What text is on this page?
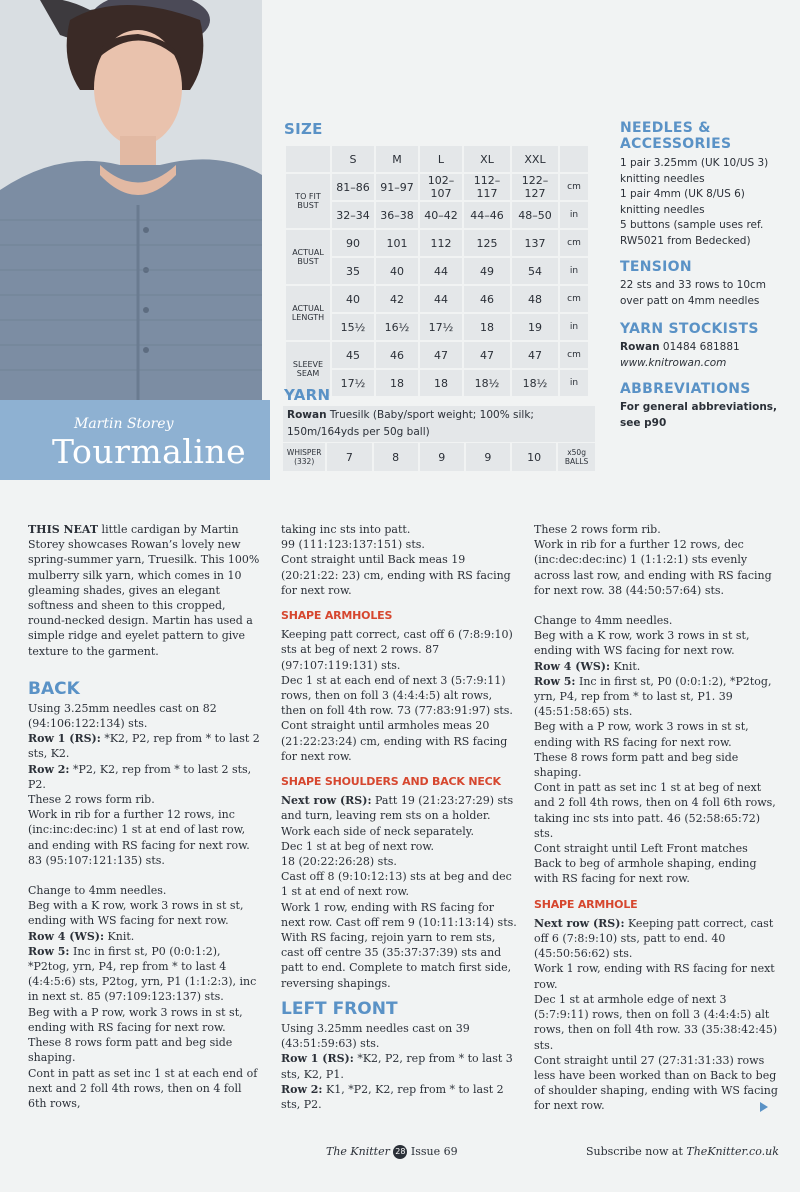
Martin Storey
Tourmaline
SIZE
	S	M	L	XL	XXL	
TO FIT BUST	81–86	91–97	102–107	112–117	122–127	cm
	32–34	36–38	40–42	44–46	48–50	in
ACTUAL BUST	90	101	112	125	137	cm
	35	40	44	49	54	in
ACTUAL LENGTH	40	42	44	46	48	cm
	15½	16½	17½	18	19	in
SLEEVE SEAM	45	46	47	47	47	cm
	17½	18	18	18½	18½	in
YARN
Rowan Truesilk (Baby/sport weight; 100% silk; 150m/164yds per 50g ball)
WHISPER (332)	7	8	9	9	10	x50g BALLS
NEEDLES & ACCESSORIES

1 pair 3.25mm (UK 10/US 3) knitting needles
1 pair 4mm (UK 8/US 6) knitting needles
5 buttons (sample uses ref. RW5021 from Bedecked)

TENSION

22 sts and 33 rows to 10cm over patt on 4mm needles

YARN STOCKISTS

Rowan 01484 681881

www.knitrowan.com

ABBREVIATIONS

For general abbreviations, see p90

THIS NEAT little cardigan by Martin Storey showcases Rowan’s lovely new spring-summer yarn, Truesilk. This 100% mulberry silk yarn, which comes in 10 gleaming shades, gives an elegant softness and sheen to this cropped, round-necked design. Martin has used a simple ridge and eyelet pattern to give texture to the garment.

BACK

Using 3.25mm needles cast on 82 (94:106:122:134) sts.

Row 1 (RS): *K2, P2, rep from * to last 2 sts, K2.

Row 2: *P2, K2, rep from * to last 2 sts, P2.

These 2 rows form rib.

Work in rib for a further 12 rows, inc (inc:inc:dec:inc) 1 st at end of last row, and ending with RS facing for next row. 83 (95:107:121:135) sts.

Change to 4mm needles.

Beg with a K row, work 3 rows in st st, ending with WS facing for next row.

Row 4 (WS): Knit.

Row 5: Inc in first st, P0 (0:0:1:2), *P2tog, yrn, P4, rep from * to last 4 (4:4:5:6) sts, P2tog, yrn, P1 (1:1:2:3), inc in next st. 85 (97:109:123:137) sts.

Beg with a P row, work 3 rows in st st, ending with RS facing for next row.

These 8 rows form patt and beg side shaping.

Cont in patt as set inc 1 st at each end of next and 2 foll 4th rows, then on 4 foll 6th rows,

taking inc sts into patt.

99 (111:123:137:151) sts.

Cont straight until Back meas 19 (20:21:22: 23) cm, ending with RS facing for next row.

SHAPE ARMHOLES

Keeping patt correct, cast off 6 (7:8:9:10) sts at beg of next 2 rows. 87 (97:107:119:131) sts.

Dec 1 st at each end of next 3 (5:7:9:11) rows, then on foll 3 (4:4:4:5) alt rows, then on foll 4th row. 73 (77:83:91:97) sts.

Cont straight until armholes meas 20 (21:22:23:24) cm, ending with RS facing for next row.

SHAPE SHOULDERS AND BACK NECK

Next row (RS): Patt 19 (21:23:27:29) sts and turn, leaving rem sts on a holder.

Work each side of neck separately.

Dec 1 st at beg of next row.

18 (20:22:26:28) sts.

Cast off 8 (9:10:12:13) sts at beg and dec 1 st at end of next row.

Work 1 row, ending with RS facing for next row. Cast off rem 9 (10:11:13:14) sts.

With RS facing, rejoin yarn to rem sts, cast off centre 35 (35:37:37:39) sts and patt to end. Complete to match first side, reversing shapings.

LEFT FRONT

Using 3.25mm needles cast on 39 (43:51:59:63) sts.

Row 1 (RS): *K2, P2, rep from * to last 3 sts, K2, P1.

Row 2: K1, *P2, K2, rep from * to last 2 sts, P2.

These 2 rows form rib.

Work in rib for a further 12 rows, dec (inc:dec:dec:inc) 1 (1:1:2:1) sts evenly across last row, and ending with RS facing for next row. 38 (44:50:57:64) sts.

Change to 4mm needles.

Beg with a K row, work 3 rows in st st, ending with WS facing for next row.

Row 4 (WS): Knit.

Row 5: Inc in first st, P0 (0:0:1:2), *P2tog, yrn, P4, rep from * to last st, P1. 39 (45:51:58:65) sts.

Beg with a P row, work 3 rows in st st, ending with RS facing for next row.

These 8 rows form patt and beg side shaping.

Cont in patt as set inc 1 st at beg of next and 2 foll 4th rows, then on 4 foll 6th rows, taking inc sts into patt. 46 (52:58:65:72) sts.

Cont straight until Left Front matches Back to beg of armhole shaping, ending with RS facing for next row.

SHAPE ARMHOLE

Next row (RS): Keeping patt correct, cast off 6 (7:8:9:10) sts, patt to end. 40 (45:50:56:62) sts.

Work 1 row, ending with RS facing for next row.

Dec 1 st at armhole edge of next 3 (5:7:9:11) rows, then on foll 3 (4:4:4:5) alt rows, then on foll 4th row. 33 (35:38:42:45) sts.

Cont straight until 27 (27:31:31:33) rows less have been worked than on Back to beg of shoulder shaping, ending with WS facing for next row.

The Knitter 28 Issue 69	Subscribe now at TheKnitter.co.uk
